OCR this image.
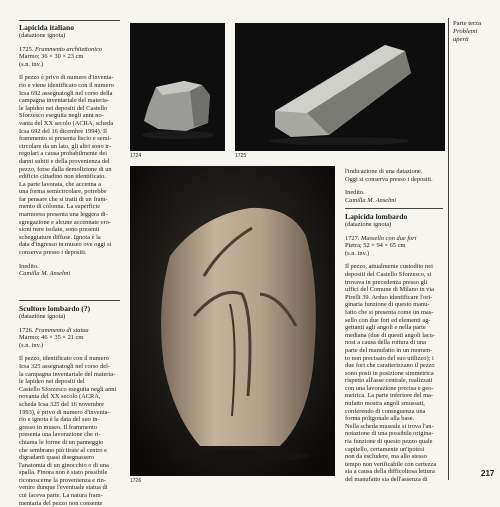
Lapicida italiano
(datazione ignota)
1725. Frammento architettonico
Marmo; 36 × 30 × 23 cm
(s.n. inv.)
Il pezzo è privo di numero d'inventa-
rio e viene identificato con il numero
Icsa 692 assegnatogli nel corso della
campagna inventariale del materia-
le lapideo nei depositi del Castello
Sforzesco eseguita negli anni no-
vanta del XX secolo (ACRA, scheda
Icsa 692 del 16 dicembre 1994). Il
frammento si presenta liscio e semi-
circolare da un lato, gli altri sono ir-
regolari a causa probabilmente dei
danni subiti e della provenienza del
pezzo, forse dalla demolizione di un
edificio cittadino non identificato.
La parte lavorata, che accenna a
una forma semicircolare, potrebbe
far pensare che si tratti di un fram-
mento di colonna. La superficie
marmorea presenta una leggera di-
sgregazione e alcune accennate ero-
sioni nere isolate, sono presenti
scheggiature diffuse. Ignota è la
data d'ingresso in museo ove oggi si
conserva presso i depositi.
Inedito.
Camilla M. Anselmi
Scultore lombardo (?)
(datazione ignota)
1726. Frammento di statua
Marmo; 46 × 35 × 21 cm
(s.n. inv.)
Il pezzo, identificato con il numero
Icsa 325 assegnatogli nel corso del-
la campagna inventariale del materia-
le lapideo nei depositi del
Castello Sforzesco eseguita negli anni
novanta del XX secolo (ACRA,
scheda Icsa 325 del 16 novembre
1993), è privo di numero d'inventa-
rio e ignota è la data del suo in-
gresso in museo. Il frammento
presenta una lavorazione che ri-
chiama le forme di un panneggio
che sembrano più tirate al centro e
digradanti quasi disegnassero
l'anatomia di un ginocchio o di una
spalla. Finora non è stato possibile
riconoscerne la provenienza e rin-
venire dunque l'eventuale statua di
cui faceva parte. La natura fram-
mentaria del pezzo non consente
1724	1725
1726
l'indicazione di una datazione.
Oggi si conserva presso i depositi.
Inedito.
Camilla M. Anselmi
Lapicida lombardo
(datazione ignota)
1727. Massello con due fori
Pietra; 52 × 94 × 65 cm
(s.n. inv.)
Il pezzo, attualmente custodito nei
depositi del Castello Sforzesco, si
trovava in precedenza presso gli
uffici del Comune di Milano in via
Pirelli 39. Arduo identificare l'ori-
ginaria funzione di questo manu-
fatto che si presenta come un mas-
sello con due fori ed elementi ag-
gettanti agli angoli e nella parte
mediana (due di questi angoli lacu-
nosi a causa della rottura di una
parte del manufatto in un momen-
to non precisato del suo utilizzo); i
due fori che caratterizzano il pezzo
sono posti in posizione simmetrica
rispetto all'asse centrale, realizzati
con una lavorazione precisa e geo-
metrica. La parte inferiore del ma-
nufatto mostra angoli smussati,
conferendo di conseguenza una
forma poligonale alla base.
Nella scheda museale si trova l'an-
notazione di una possibile origina-
ria funzione di questo pezzo quale
capitello, certamente un'ipotesi
non da escludere, ma allo stesso
tempo non verificabile con certezza
sia a causa della difficoltosa lettura
del manufatto sia dell'assenza di
Parte terza
Problemi
aperti
217
